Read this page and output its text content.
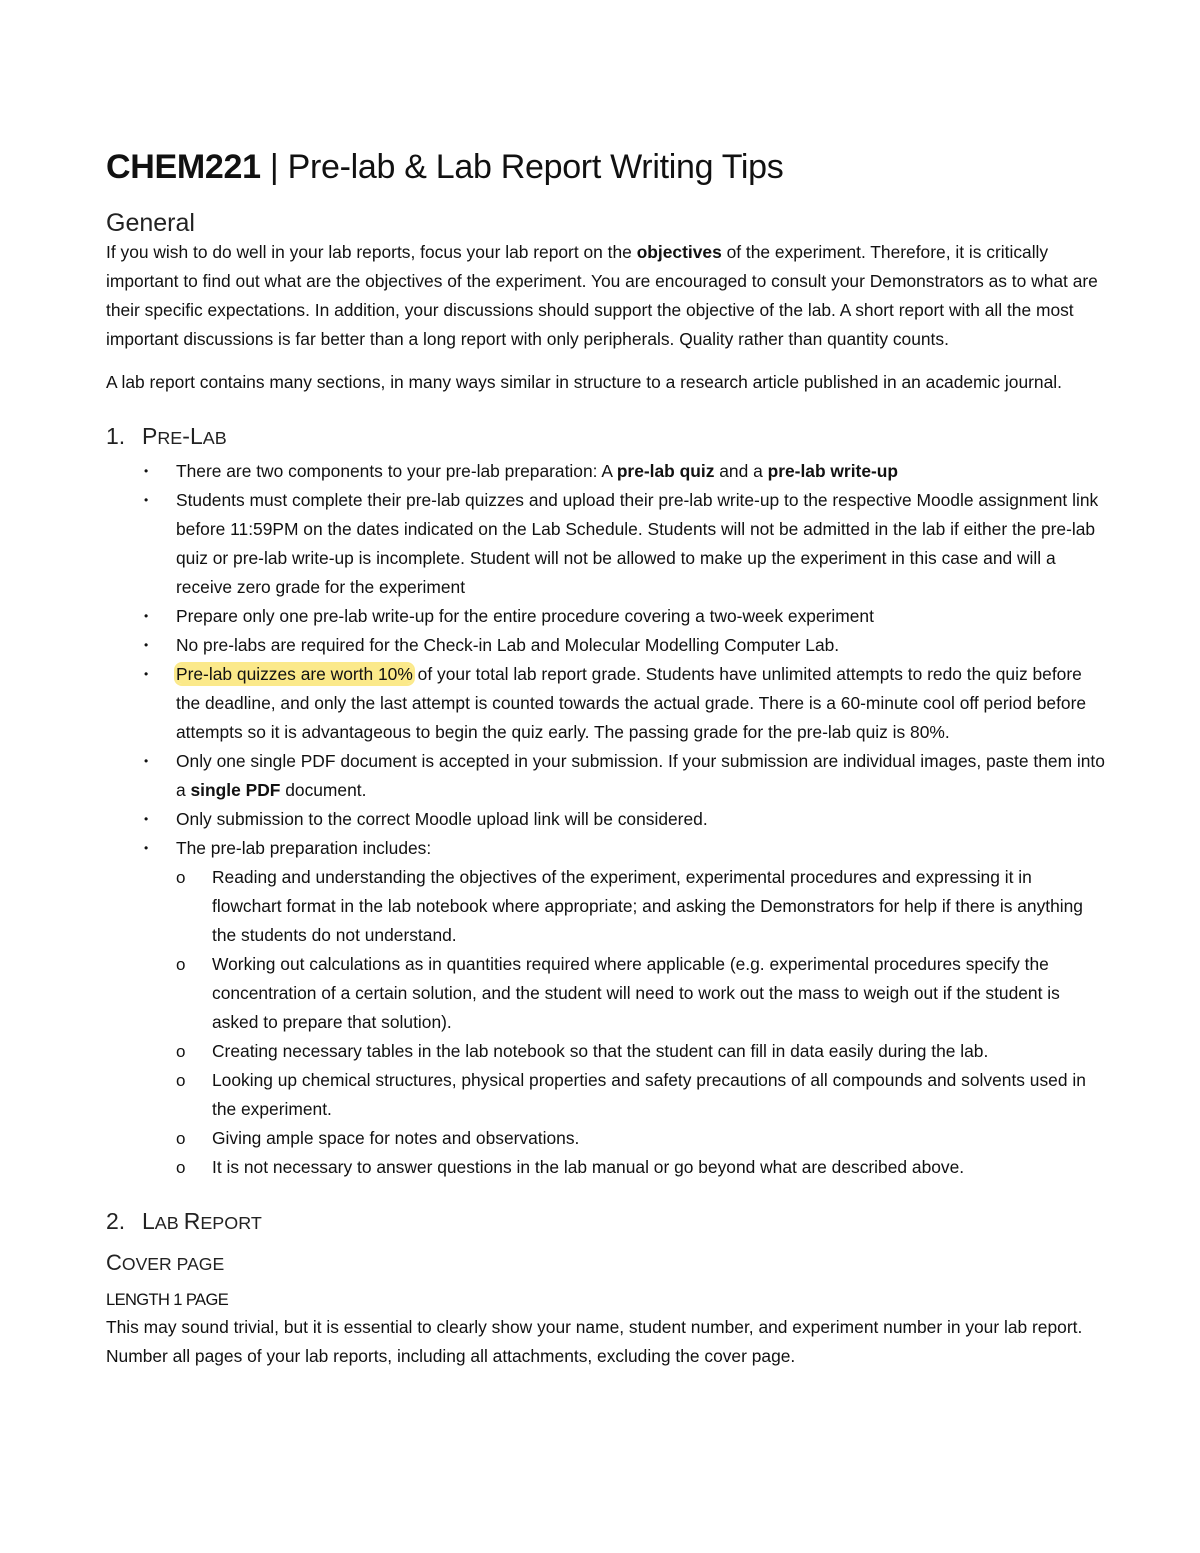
CHEM221 | Pre-lab & Lab Report Writing Tips
General

If you wish to do well in your lab reports, focus your lab report on the objectives of the experiment. Therefore, it is critically important to find out what are the objectives of the experiment. You are encouraged to consult your Demonstrators as to what are their specific expectations. In addition, your discussions should support the objective of the lab. A short report with all the most important discussions is far better than a long report with only peripherals. Quality rather than quantity counts.

A lab report contains many sections, in many ways similar in structure to a research article published in an academic journal.

1. PRE-LAB
• There are two components to your pre-lab preparation: A pre-lab quiz and a pre-lab write-up
• Students must complete their pre-lab quizzes and upload their pre-lab write-up to the respective Moodle assignment link before 11:59PM on the dates indicated on the Lab Schedule. Students will not be admitted in the lab if either the pre-lab quiz or pre-lab write-up is incomplete. Student will not be allowed to make up the experiment in this case and will a receive zero grade for the experiment
• Prepare only one pre-lab write-up for the entire procedure covering a two-week experiment
• No pre-labs are required for the Check-in Lab and Molecular Modelling Computer Lab.
• Pre-lab quizzes are worth 10% of your total lab report grade. Students have unlimited attempts to redo the quiz before the deadline, and only the last attempt is counted towards the actual grade. There is a 60-minute cool off period before attempts so it is advantageous to begin the quiz early. The passing grade for the pre-lab quiz is 80%.
• Only one single PDF document is accepted in your submission. If your submission are individual images, paste them into a single PDF document.
• Only submission to the correct Moodle upload link will be considered.
• The pre-lab preparation includes:
o Reading and understanding the objectives of the experiment, experimental procedures and expressing it in flowchart format in the lab notebook where appropriate; and asking the Demonstrators for help if there is anything the students do not understand.
o Working out calculations as in quantities required where applicable (e.g. experimental procedures specify the concentration of a certain solution, and the student will need to work out the mass to weigh out if the student is asked to prepare that solution).
o Creating necessary tables in the lab notebook so that the student can fill in data easily during the lab.
o Looking up chemical structures, physical properties and safety precautions of all compounds and solvents used in the experiment.
o Giving ample space for notes and observations.
o It is not necessary to answer questions in the lab manual or go beyond what are described above.
2. LAB REPORT
COVER PAGE
LENGTH 1 PAGE

This may sound trivial, but it is essential to clearly show your name, student number, and experiment number in your lab report. Number all pages of your lab reports, including all attachments, excluding the cover page.
